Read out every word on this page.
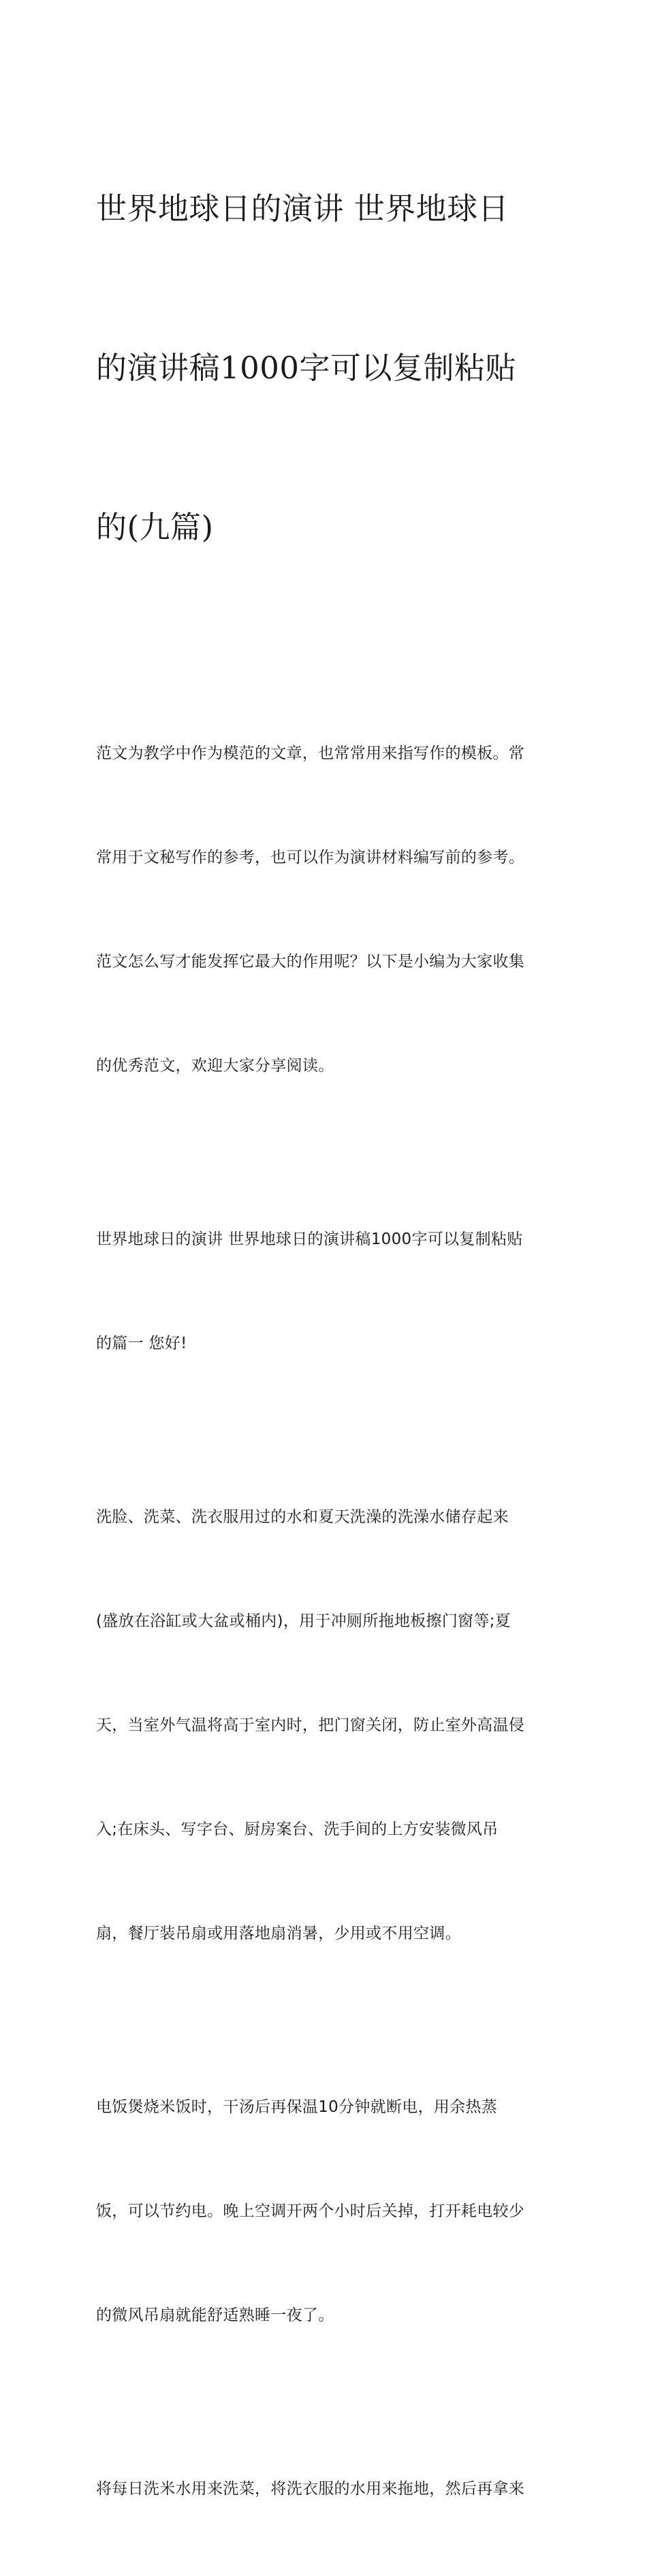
世界地球日的演讲 世界地球日

的演讲稿1000字可以复制粘贴

的(九篇)

范文为教学中作为模范的文章，也常常用来指写作的模板。常

常用于文秘写作的参考，也可以作为演讲材料编写前的参考。

范文怎么写才能发挥它最大的作用呢？以下是小编为大家收集

的优秀范文，欢迎大家分享阅读。

世界地球日的演讲 世界地球日的演讲稿1000字可以复制粘贴

的篇一 您好!

洗脸、洗菜、洗衣服用过的水和夏天洗澡的洗澡水储存起来

(盛放在浴缸或大盆或桶内)，用于冲厕所拖地板擦门窗等;夏

天，当室外气温将高于室内时，把门窗关闭，防止室外高温侵

入;在床头、写字台、厨房案台、洗手间的上方安装微风吊

扇，餐厅装吊扇或用落地扇消暑，少用或不用空调。

电饭煲烧米饭时，干汤后再保温10分钟就断电，用余热蒸

饭，可以节约电。晚上空调开两个小时后关掉，打开耗电较少

的微风吊扇就能舒适熟睡一夜了。

将每日洗米水用来洗菜，将洗衣服的水用来拖地，然后再拿来
